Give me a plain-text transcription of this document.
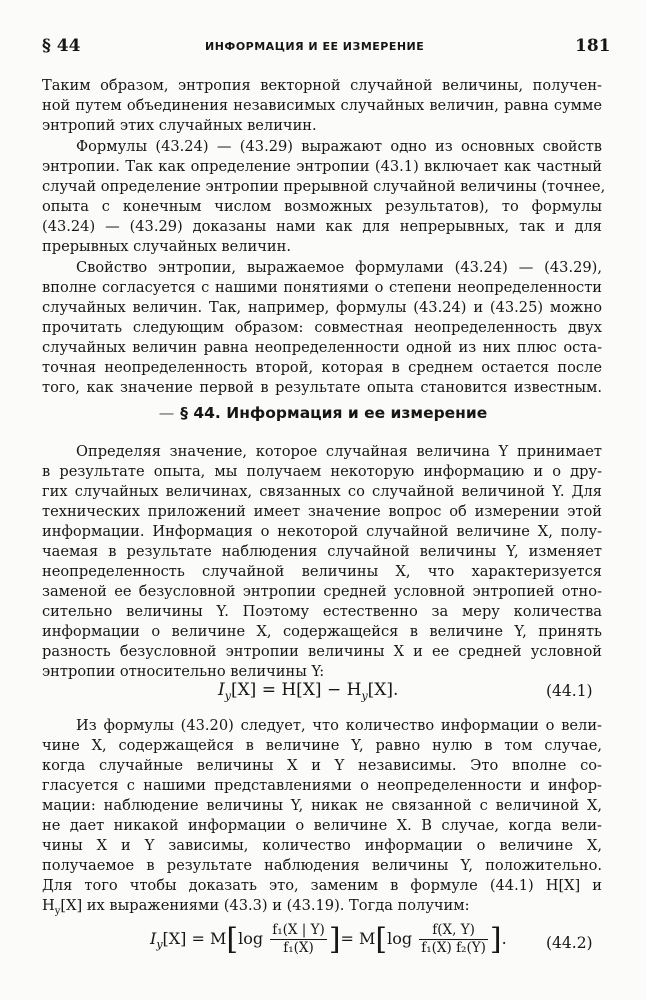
§ 44	ИНФОРМАЦИЯ И ЕЕ ИЗМЕРЕНИЕ	181
Таким образом, энтропия векторной случайной величины, получен-
ной путем объединения независимых случайных величин, равна сумме
энтропий этих случайных величин.
Формулы (43.24) — (43.29) выражают одно из основных свойств
энтропии. Так как определение энтропии (43.1) включает как частный
случай определение энтропии прерывной случайной величины (точнее,
опыта с конечным числом возможных результатов), то формулы
(43.24) — (43.29) доказаны нами как для непрерывных, так и для
прерывных случайных величин.
Свойство энтропии, выражаемое формулами (43.24) — (43.29),
вполне согласуется с нашими понятиями о степени неопределенности
случайных величин. Так, например, формулы (43.24) и (43.25) можно
прочитать следующим образом: совместная неопределенность двух
случайных величин равна неопределенности одной из них плюс оста-
точная неопределенность второй, которая в среднем остается после
того, как значение первой в результате опыта становится известным.
— § 44. Информация и ее измерение
Определяя значение, которое случайная величина Y принимает
в результате опыта, мы получаем некоторую информацию и о дру-
гих случайных величинах, связанных со случайной величиной Y. Для
технических приложений имеет значение вопрос об измерении этой
информации. Информация о некоторой случайной величине X, полу-
чаемая в результате наблюдения случайной величины Y, изменяет
неопределенность случайной величины X, что характеризуется
заменой ее безусловной энтропии средней условной энтропией отно-
сительно величины Y. Поэтому естественно за меру количества
информации о величине X, содержащейся в величине Y, принять
разность безусловной энтропии величины X и ее средней условной
энтропии относительно величины Y:
$I_y[X] = H[X] - H_y[X]$.	(44.1)
Из формулы (43.20) следует, что количество информации о вели-
чине X, содержащейся в величине Y, равно нулю в том случае,
когда случайные величины X и Y независимы. Это вполне со-
гласуется с нашими представлениями о неопределенности и инфор-
мации: наблюдение величины Y, никак не связанной с величиной X,
не дает никакой информации о величине X. В случае, когда вели-
чины X и Y зависимы, количество информации о величине X,
получаемое в результате наблюдения величины Y, положительно.
Для того чтобы доказать это, заменим в формуле (44.1) H[X] и
$H_y[X]$ их выражениями (43.3) и (43.19). Тогда получим:
$I_y[X] = M[\log \frac{\text{f₁(X | Y)}}{\text{f₁(X)}}$ ]= $M[\log \frac{f(X, Y)}{\text{f₁(X) f₂(Y)}}$ ].	(44.2)
